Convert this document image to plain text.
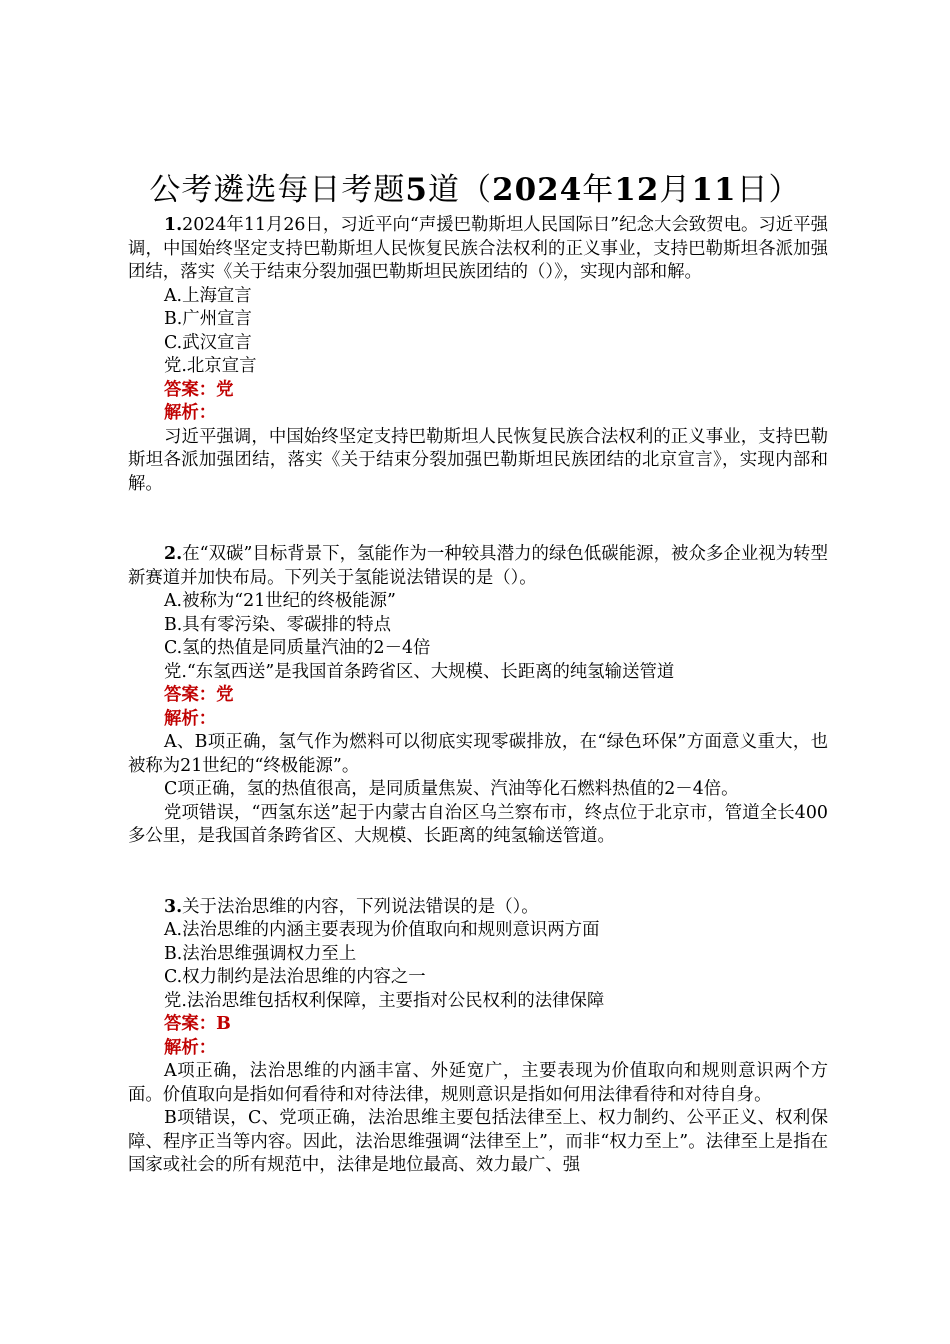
公考遴选每日考题5道（2024年12月11日）

1.2024年11月26日，习近平向“声援巴勒斯坦人民国际日”纪念大会致贺电。习近平强调，中国始终坚定支持巴勒斯坦人民恢复民族合法权利的正义事业，支持巴勒斯坦各派加强团结，落实《关于结束分裂加强巴勒斯坦民族团结的（）》，实现内部和解。

A.上海宣言

B.广州宣言

C.武汉宣言

党.北京宣言

答案：党

解析：

习近平强调，中国始终坚定支持巴勒斯坦人民恢复民族合法权利的正义事业，支持巴勒斯坦各派加强团结，落实《关于结束分裂加强巴勒斯坦民族团结的北京宣言》，实现内部和解。

2.在“双碳”目标背景下，氢能作为一种较具潜力的绿色低碳能源，被众多企业视为转型新赛道并加快布局。下列关于氢能说法错误的是（）。

A.被称为“21世纪的终极能源”

B.具有零污染、零碳排的特点

C.氢的热值是同质量汽油的2－4倍

党.“东氢西送”是我国首条跨省区、大规模、长距离的纯氢输送管道

答案：党

解析：

A、B项正确，氢气作为燃料可以彻底实现零碳排放，在“绿色环保”方面意义重大，也被称为21世纪的“终极能源”。

C项正确，氢的热值很高，是同质量焦炭、汽油等化石燃料热值的2－4倍。

党项错误，“西氢东送”起于内蒙古自治区乌兰察布市，终点位于北京市，管道全长400多公里，是我国首条跨省区、大规模、长距离的纯氢输送管道。

3.关于法治思维的内容，下列说法错误的是（）。

A.法治思维的内涵主要表现为价值取向和规则意识两方面

B.法治思维强调权力至上

C.权力制约是法治思维的内容之一

党.法治思维包括权利保障，主要指对公民权利的法律保障

答案：B

解析：

A项正确，法治思维的内涵丰富、外延宽广，主要表现为价值取向和规则意识两个方面。价值取向是指如何看待和对待法律，规则意识是指如何用法律看待和对待自身。

B项错误，C、党项正确，法治思维主要包括法律至上、权力制约、公平正义、权利保障、程序正当等内容。因此，法治思维强调“法律至上”，而非“权力至上”。法律至上是指在国家或社会的所有规范中，法律是地位最高、效力最广、强
